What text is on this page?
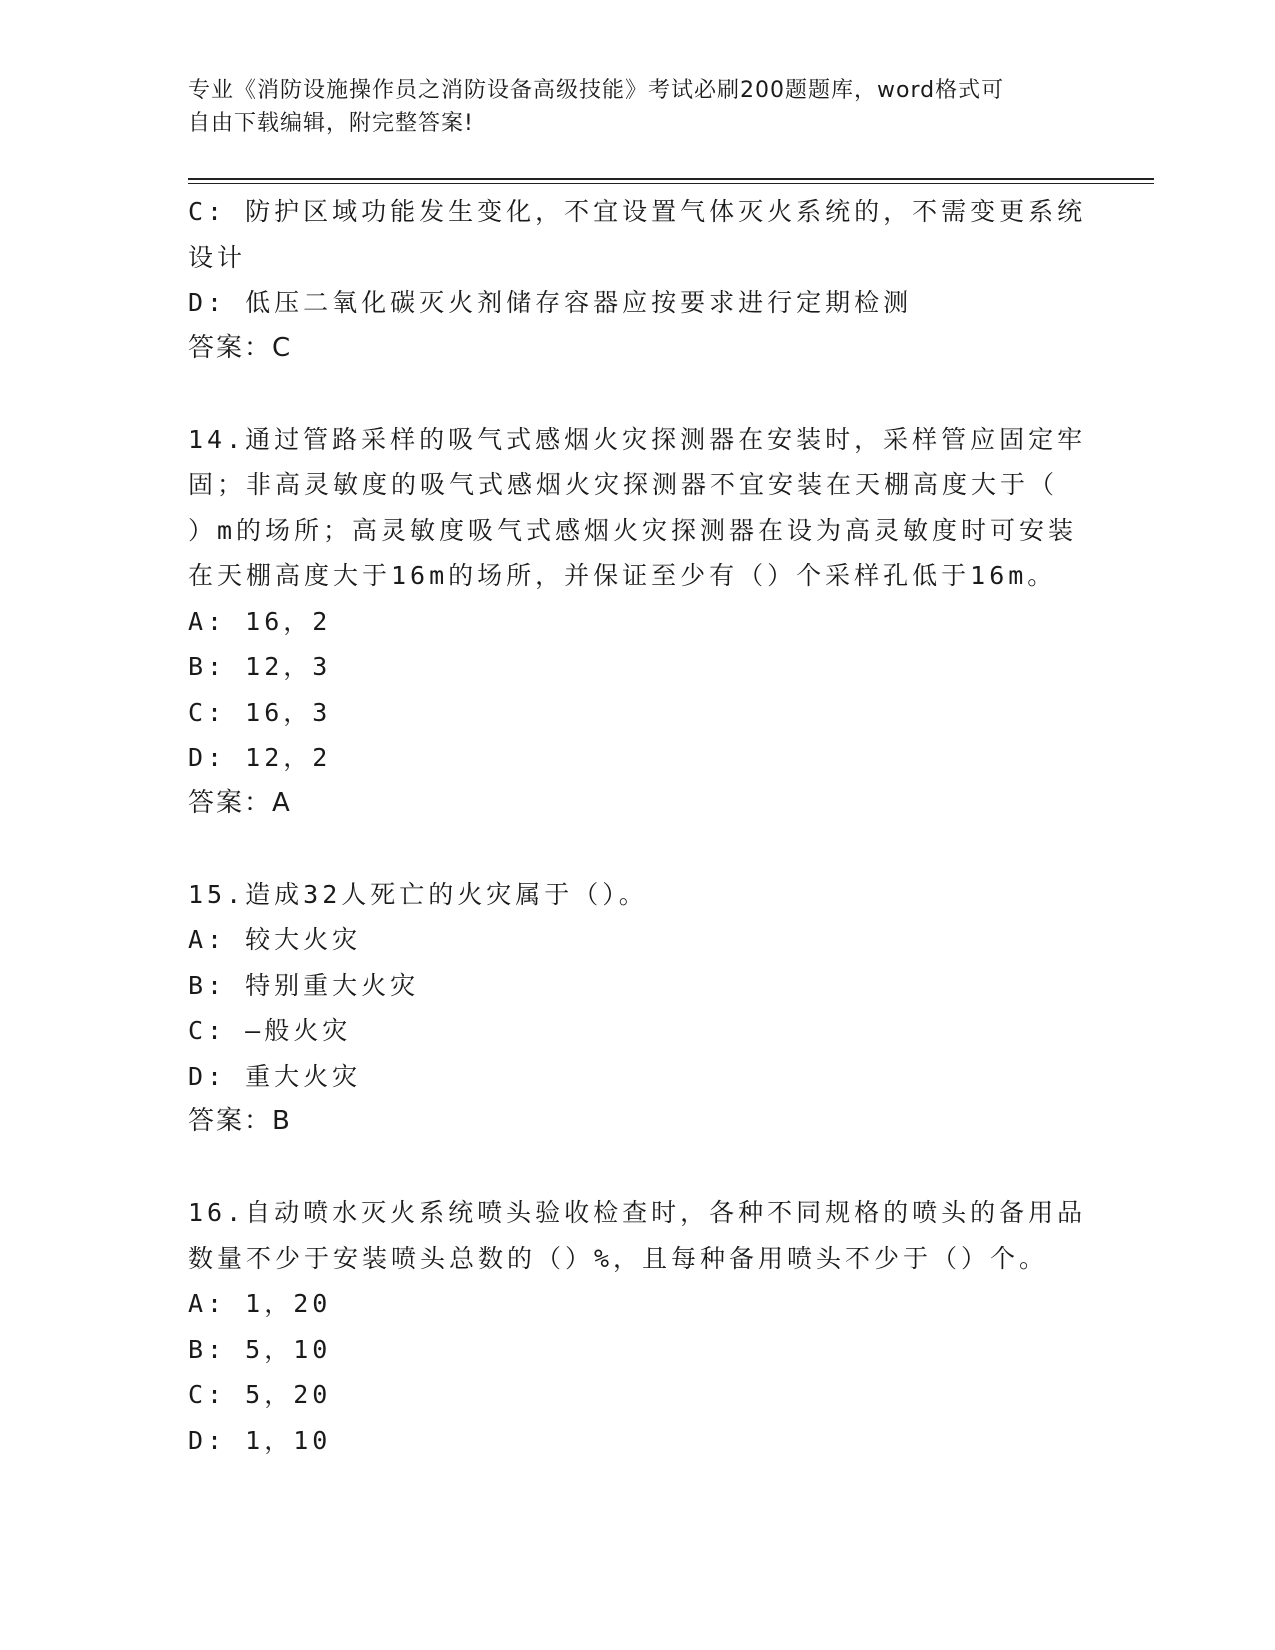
专业《消防设施操作员之消防设备高级技能》考试必刷200题题库，word格式可
自由下载编辑，附完整答案!
C: 防护区域功能发生变化，不宜设置气体灭火系统的，不需变更系统
设计
D: 低压二氧化碳灭火剂储存容器应按要求进行定期检测
答案：C
14.通过管路采样的吸气式感烟火灾探测器在安装时，采样管应固定牢
固；非高灵敏度的吸气式感烟火灾探测器不宜安装在天棚高度大于（
）m的场所；高灵敏度吸气式感烟火灾探测器在设为高灵敏度时可安装
在天棚高度大于16m的场所，并保证至少有（）个采样孔低于16m。
A: 16，2
B: 12，3
C: 16，3
D: 12，2
答案：A
15.造成32人死亡的火灾属于（）。
A: 较大火灾
B: 特别重大火灾
C: —般火灾
D: 重大火灾
答案：B
16.自动喷水灭火系统喷头验收检查时，各种不同规格的喷头的备用品
数量不少于安装喷头总数的（）%，且每种备用喷头不少于（）个。
A: 1，20
B: 5，10
C: 5，20
D: 1，10
